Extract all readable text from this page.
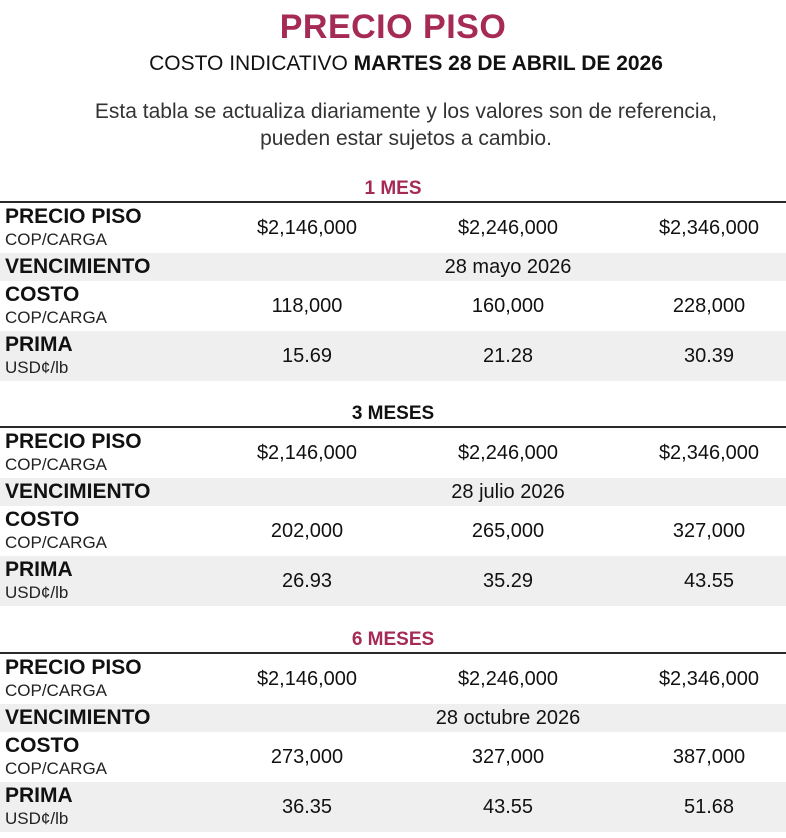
PRECIO PISO
COSTO INDICATIVO MARTES 28 DE ABRIL DE 2026
Esta tabla se actualiza diariamente y los valores son de referencia,
pueden estar sujetos a cambio.
1 MES
PRECIO PISO
COP/CARGA
$2,146,000	$2,246,000	$2,346,000
VENCIMIENTO	28 mayo 2026
COSTO
COP/CARGA
118,000	160,000	228,000
PRIMA
USD¢/lb
15.69	21.28	30.39
3 MESES
PRECIO PISO
COP/CARGA
$2,146,000	$2,246,000	$2,346,000
VENCIMIENTO	28 julio 2026
COSTO
COP/CARGA
202,000	265,000	327,000
PRIMA
USD¢/lb
26.93	35.29	43.55
6 MESES
PRECIO PISO
COP/CARGA
$2,146,000	$2,246,000	$2,346,000
VENCIMIENTO	28 octubre 2026
COSTO
COP/CARGA
273,000	327,000	387,000
PRIMA
USD¢/lb
36.35	43.55	51.68
